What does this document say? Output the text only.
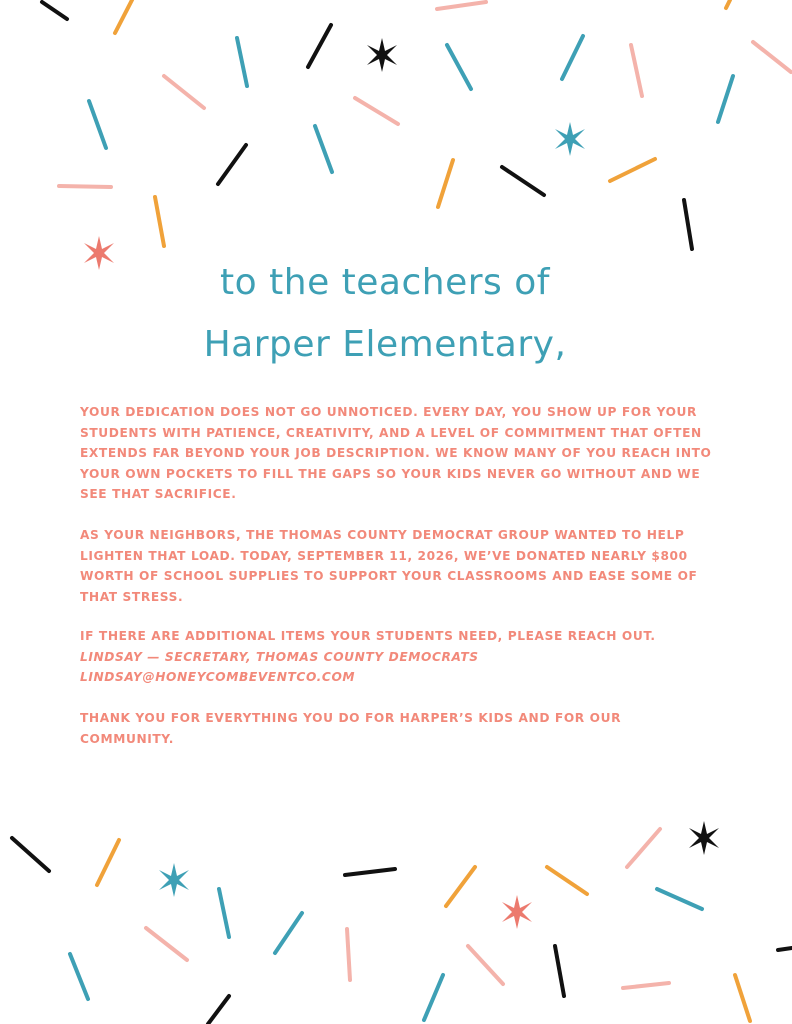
to the teachers of
Harper Elementary,

YOUR DEDICATION DOES NOT GO UNNOTICED. EVERY DAY, YOU SHOW UP FOR YOUR STUDENTS WITH PATIENCE, CREATIVITY, AND A LEVEL OF COMMITMENT THAT OFTEN EXTENDS FAR BEYOND YOUR JOB DESCRIPTION. WE KNOW MANY OF YOU REACH INTO YOUR OWN POCKETS TO FILL THE GAPS SO YOUR KIDS NEVER GO WITHOUT AND WE SEE THAT SACRIFICE.

AS YOUR NEIGHBORS, THE THOMAS COUNTY DEMOCRAT GROUP WANTED TO HELP LIGHTEN THAT LOAD. TODAY, SEPTEMBER 11, 2026, WE’VE DONATED NEARLY $800 WORTH OF SCHOOL SUPPLIES TO SUPPORT YOUR CLASSROOMS AND EASE SOME OF THAT STRESS.

IF THERE ARE ADDITIONAL ITEMS YOUR STUDENTS NEED, PLEASE REACH OUT.
LINDSAY — SECRETARY, THOMAS COUNTY DEMOCRATS
LINDSAY@HONEYCOMBEVENTCO.COM

THANK YOU FOR EVERYTHING YOU DO FOR HARPER’S KIDS AND FOR OUR COMMUNITY.
